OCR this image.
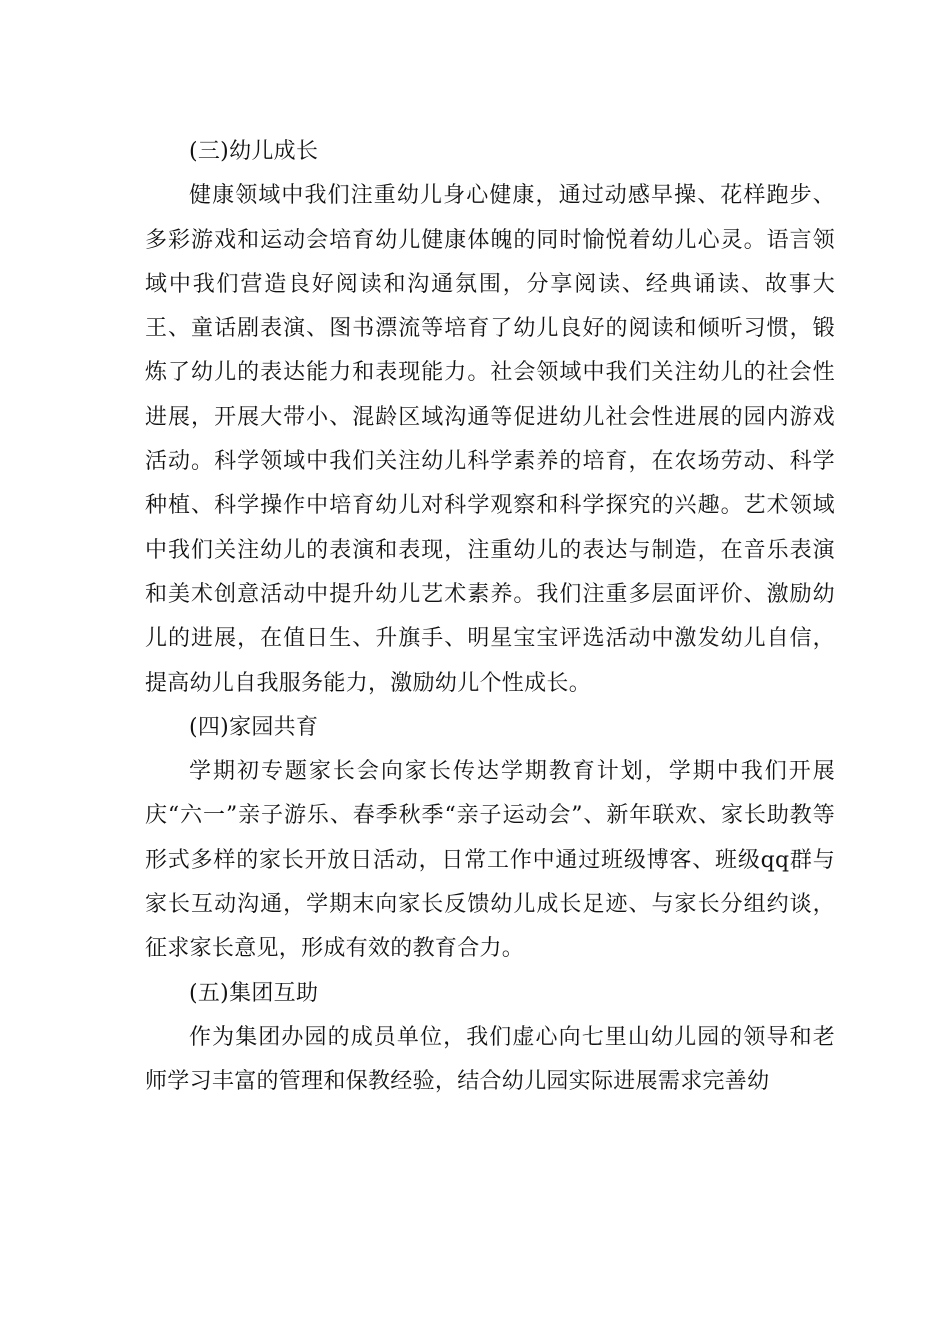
(三)幼儿成长

健康领域中我们注重幼儿身心健康，通过动感早操、花样跑步、多彩游戏和运动会培育幼儿健康体魄的同时愉悦着幼儿心灵。语言领域中我们营造良好阅读和沟通氛围，分享阅读、经典诵读、故事大王、童话剧表演、图书漂流等培育了幼儿良好的阅读和倾听习惯，锻炼了幼儿的表达能力和表现能力。社会领域中我们关注幼儿的社会性进展，开展大带小、混龄区域沟通等促进幼儿社会性进展的园内游戏活动。科学领域中我们关注幼儿科学素养的培育，在农场劳动、科学种植、科学操作中培育幼儿对科学观察和科学探究的兴趣。艺术领域中我们关注幼儿的表演和表现，注重幼儿的表达与制造，在音乐表演和美术创意活动中提升幼儿艺术素养。我们注重多层面评价、激励幼儿的进展，在值日生、升旗手、明星宝宝评选活动中激发幼儿自信，提高幼儿自我服务能力，激励幼儿个性成长。

(四)家园共育

学期初专题家长会向家长传达学期教育计划，学期中我们开展庆“六一”亲子游乐、春季秋季“亲子运动会”、新年联欢、家长助教等形式多样的家长开放日活动，日常工作中通过班级博客、班级qq群与家长互动沟通，学期末向家长反馈幼儿成长足迹、与家长分组约谈，征求家长意见，形成有效的教育合力。

(五)集团互助

作为集团办园的成员单位，我们虚心向七里山幼儿园的领导和老师学习丰富的管理和保教经验，结合幼儿园实际进展需求完善幼
